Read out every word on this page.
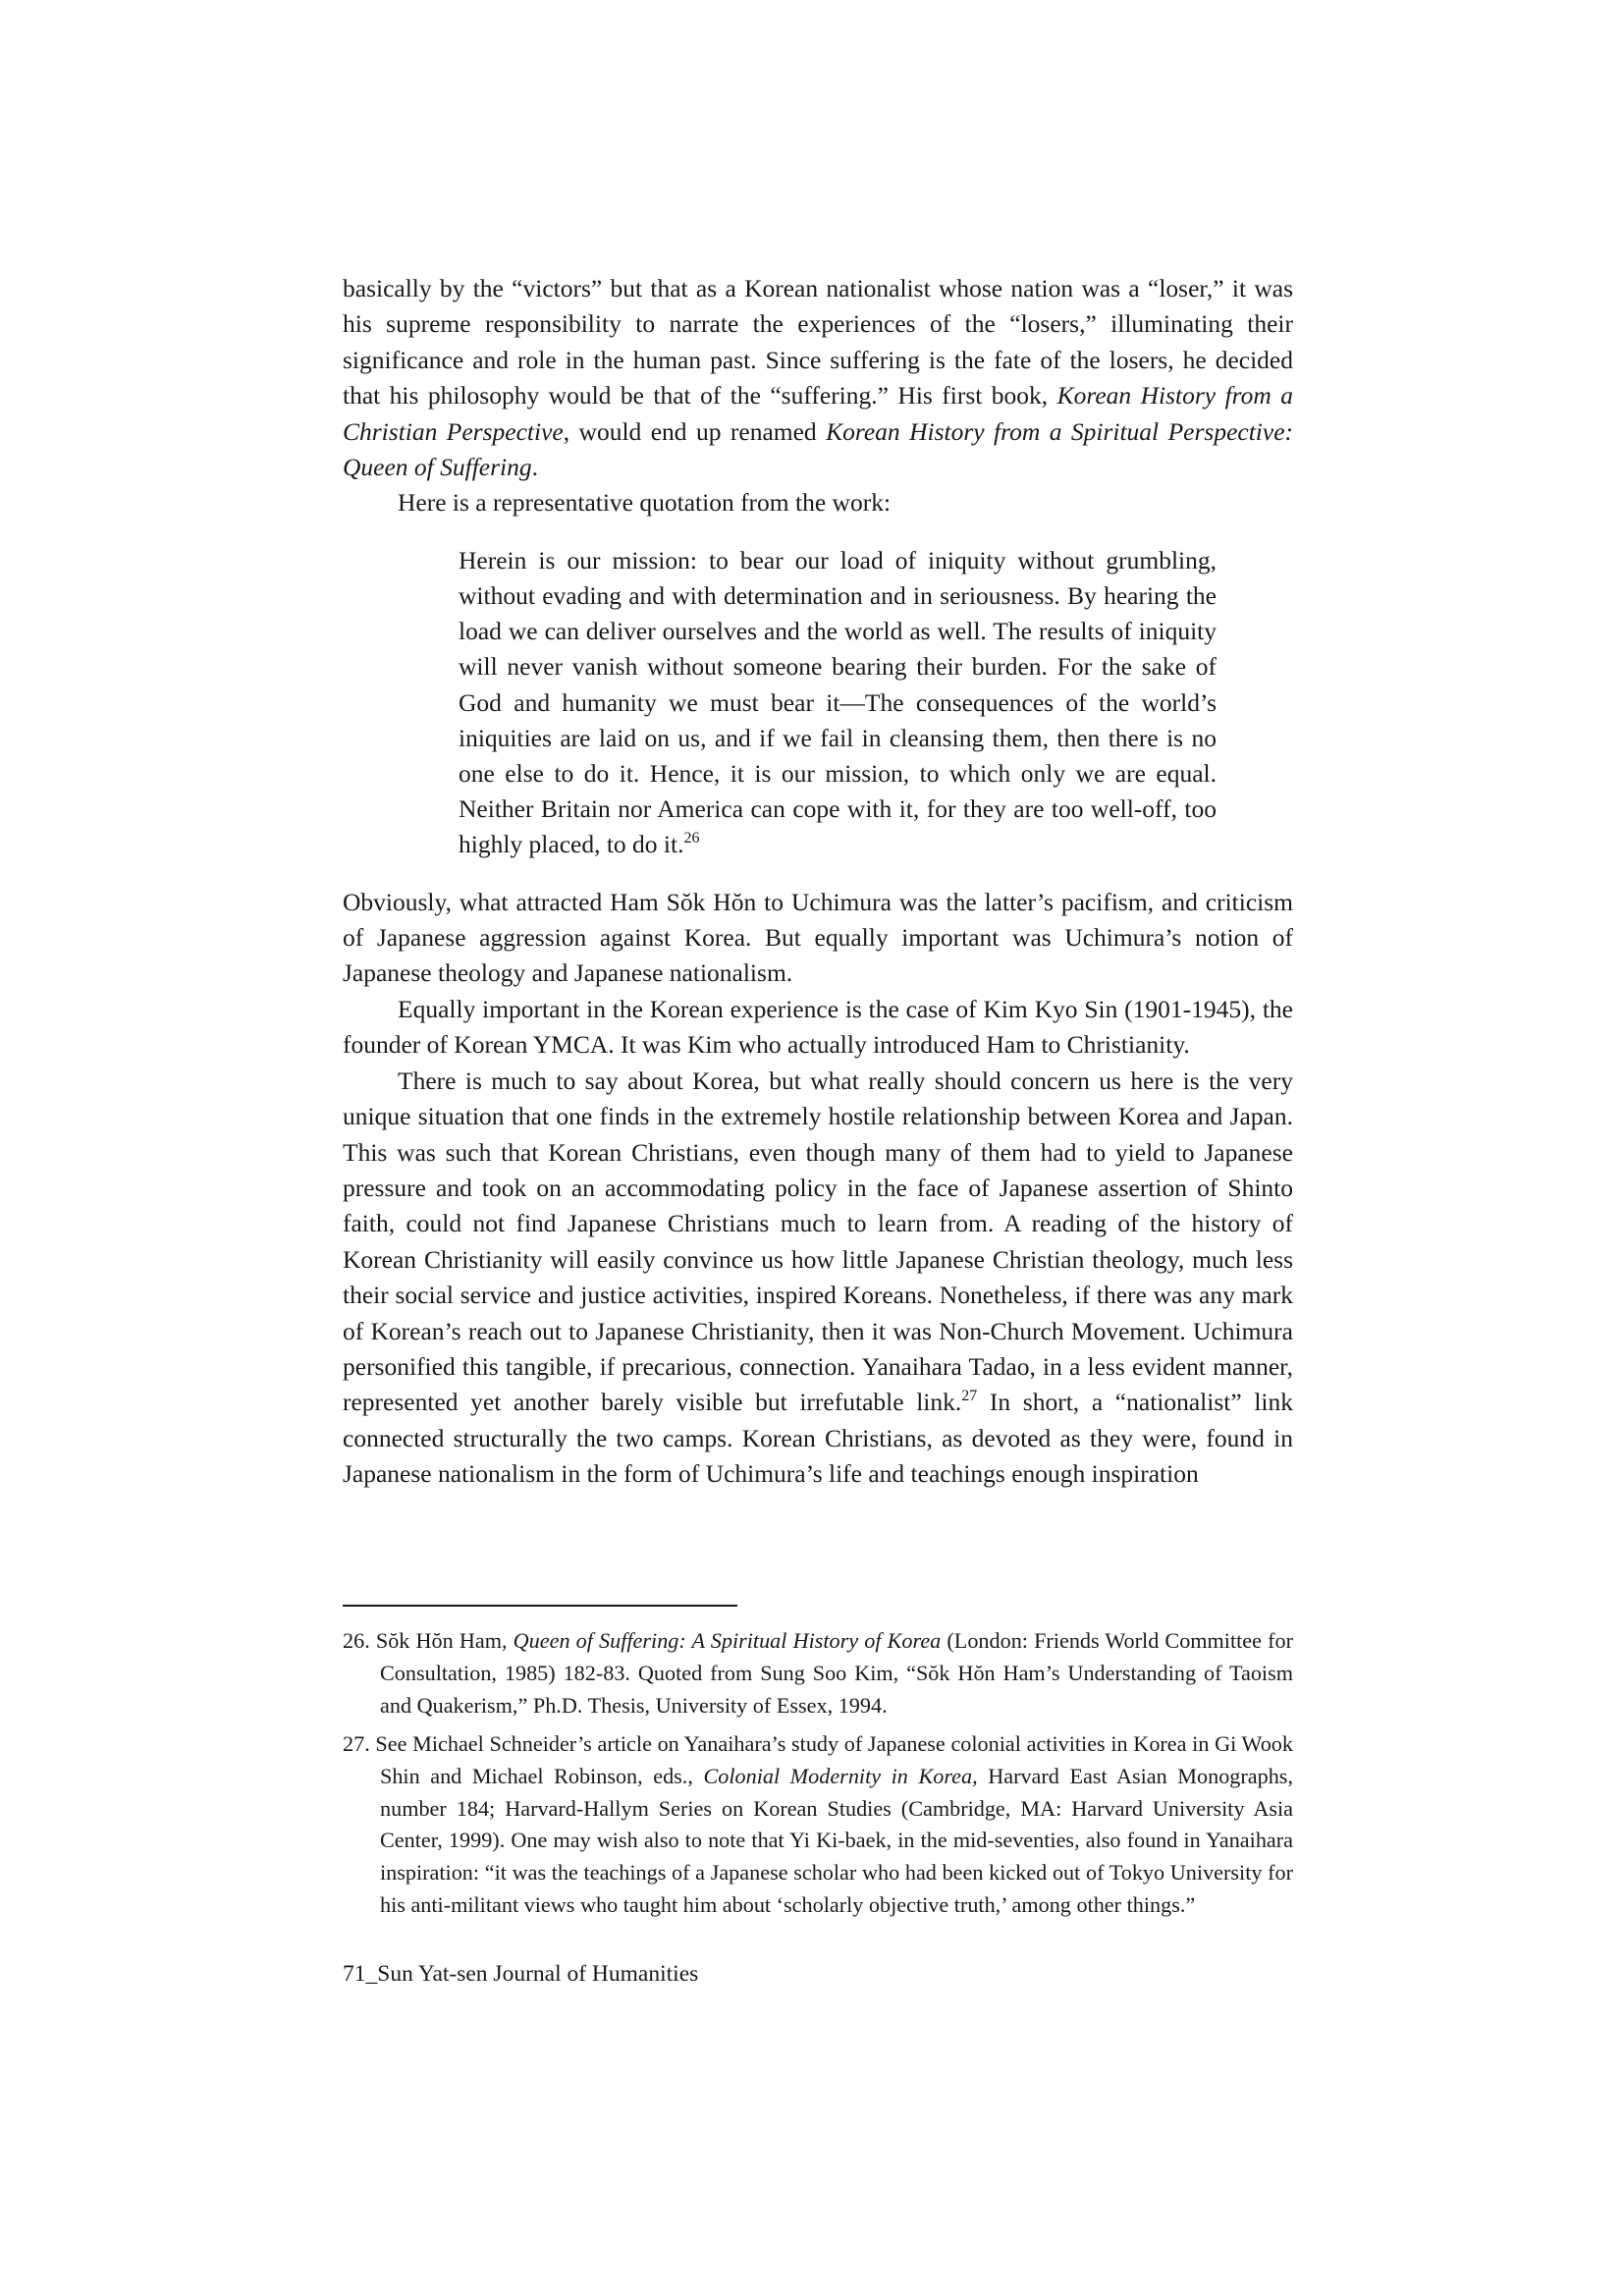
basically by the “victors” but that as a Korean nationalist whose nation was a “loser,” it was his supreme responsibility to narrate the experiences of the “losers,” illuminating their significance and role in the human past. Since suffering is the fate of the losers, he decided that his philosophy would be that of the “suffering.” His first book, Korean History from a Christian Perspective, would end up renamed Korean History from a Spiritual Perspective: Queen of Suffering.

Here is a representative quotation from the work:

Herein is our mission: to bear our load of iniquity without grumbling, without evading and with determination and in seriousness. By hearing the load we can deliver ourselves and the world as well. The results of iniquity will never vanish without someone bearing their burden. For the sake of God and humanity we must bear it—The consequences of the world’s iniquities are laid on us, and if we fail in cleansing them, then there is no one else to do it. Hence, it is our mission, to which only we are equal. Neither Britain nor America can cope with it, for they are too well-off, too highly placed, to do it.$^{26}$

Obviously, what attracted Ham Sŏk Hŏn to Uchimura was the latter’s pacifism, and criticism of Japanese aggression against Korea. But equally important was Uchimura’s notion of Japanese theology and Japanese nationalism.

Equally important in the Korean experience is the case of Kim Kyo Sin (1901-1945), the founder of Korean YMCA. It was Kim who actually introduced Ham to Christianity.

There is much to say about Korea, but what really should concern us here is the very unique situation that one finds in the extremely hostile relationship between Korea and Japan. This was such that Korean Christians, even though many of them had to yield to Japanese pressure and took on an accommodating policy in the face of Japanese assertion of Shinto faith, could not find Japanese Christians much to learn from. A reading of the history of Korean Christianity will easily convince us how little Japanese Christian theology, much less their social service and justice activities, inspired Koreans. Nonetheless, if there was any mark of Korean’s reach out to Japanese Christianity, then it was Non-Church Movement. Uchimura personified this tangible, if precarious, connection. Yanaihara Tadao, in a less evident manner, represented yet another barely visible but irrefutable link.$^{27}$ In short, a “nationalist” link connected structurally the two camps. Korean Christians, as devoted as they were, found in Japanese nationalism in the form of Uchimura’s life and teachings enough inspiration

26. Sŏk Hŏn Ham, Queen of Suffering: A Spiritual History of Korea (London: Friends World Committee for Consultation, 1985) 182-83. Quoted from Sung Soo Kim, “Sŏk Hŏn Ham’s Understanding of Taoism and Quakerism,” Ph.D. Thesis, University of Essex, 1994.

27. See Michael Schneider’s article on Yanaihara’s study of Japanese colonial activities in Korea in Gi Wook Shin and Michael Robinson, eds., Colonial Modernity in Korea, Harvard East Asian Monographs, number 184; Harvard-Hallym Series on Korean Studies (Cambridge, MA: Harvard University Asia Center, 1999). One may wish also to note that Yi Ki-baek, in the mid-seventies, also found in Yanaihara inspiration: “it was the teachings of a Japanese scholar who had been kicked out of Tokyo University for his anti-militant views who taught him about ‘scholarly objective truth,’ among other things.”

71_Sun Yat-sen Journal of Humanities
